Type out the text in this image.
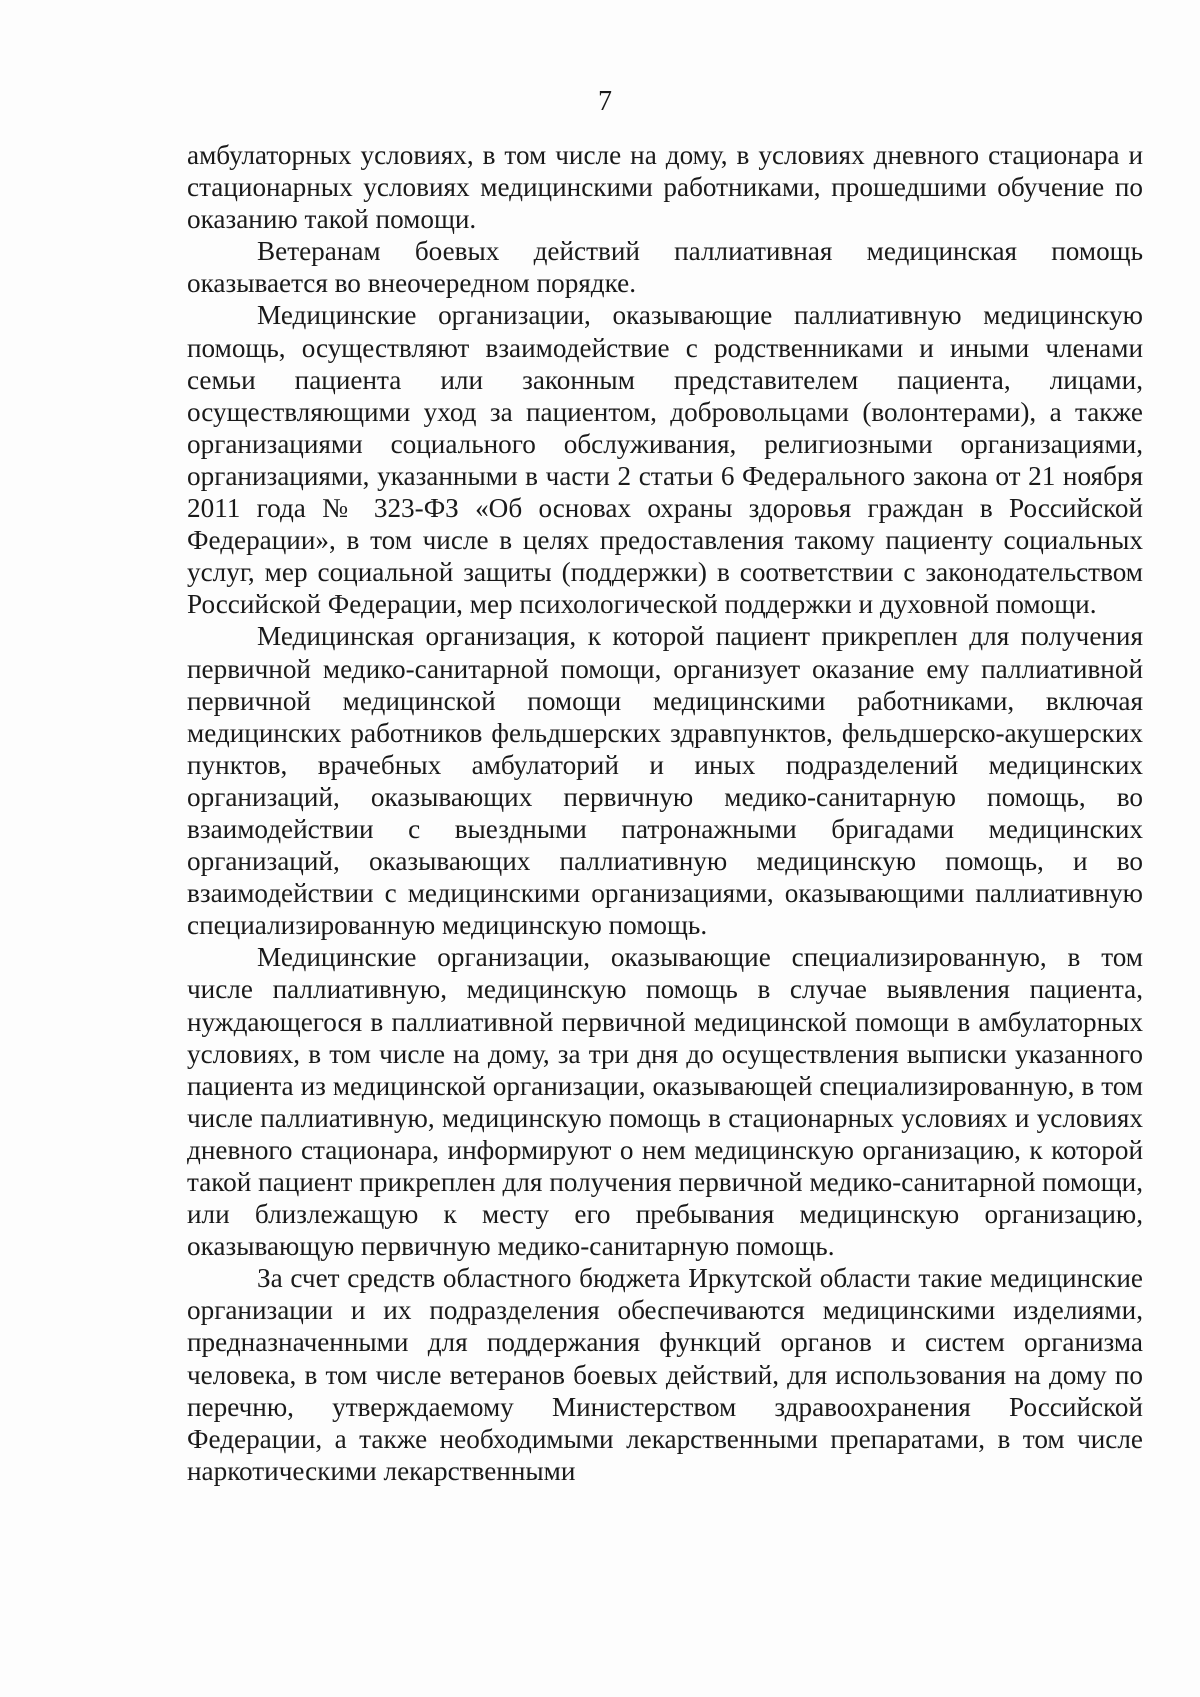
7

амбулаторных условиях, в том числе на дому, в условиях дневного стационара и стационарных условиях медицинскими работниками, прошедшими обучение по оказанию такой помощи.

Ветеранам боевых действий паллиативная медицинская помощь оказывается во внеочередном порядке.

Медицинские организации, оказывающие паллиативную медицинскую помощь, осуществляют взаимодействие с родственниками и иными членами семьи пациента или законным представителем пациента, лицами, осуществляющими уход за пациентом, добровольцами (волонтерами), а также организациями социального обслуживания, религиозными организациями, организациями, указанными в части 2 статьи 6 Федерального закона от 21 ноября 2011 года № 323-ФЗ «Об основах охраны здоровья граждан в Российской Федерации», в том числе в целях предоставления такому пациенту социальных услуг, мер социальной защиты (поддержки) в соответствии с законодательством Российской Федерации, мер психологической поддержки и духовной помощи.

Медицинская организация, к которой пациент прикреплен для получения первичной медико-санитарной помощи, организует оказание ему паллиативной первичной медицинской помощи медицинскими работниками, включая медицинских работников фельдшерских здравпунктов, фельдшерско-акушерских пунктов, врачебных амбулаторий и иных подразделений медицинских организаций, оказывающих первичную медико-санитарную помощь, во взаимодействии с выездными патронажными бригадами медицинских организаций, оказывающих паллиативную медицинскую помощь, и во взаимодействии с медицинскими организациями, оказывающими паллиативную специализированную медицинскую помощь.

Медицинские организации, оказывающие специализированную, в том числе паллиативную, медицинскую помощь в случае выявления пациента, нуждающегося в паллиативной первичной медицинской помощи в амбулаторных условиях, в том числе на дому, за три дня до осуществления выписки указанного пациента из медицинской организации, оказывающей специализированную, в том числе паллиативную, медицинскую помощь в стационарных условиях и условиях дневного стационара, информируют о нем медицинскую организацию, к которой такой пациент прикреплен для получения первичной медико-санитарной помощи, или близлежащую к месту его пребывания медицинскую организацию, оказывающую первичную медико-санитарную помощь.

За счет средств областного бюджета Иркутской области такие медицинские организации и их подразделения обеспечиваются медицинскими изделиями, предназначенными для поддержания функций органов и систем организма человека, в том числе ветеранов боевых действий, для использования на дому по перечню, утверждаемому Министерством здравоохранения Российской Федерации, а также необходимыми лекарственными препаратами, в том числе наркотическими лекарственными
